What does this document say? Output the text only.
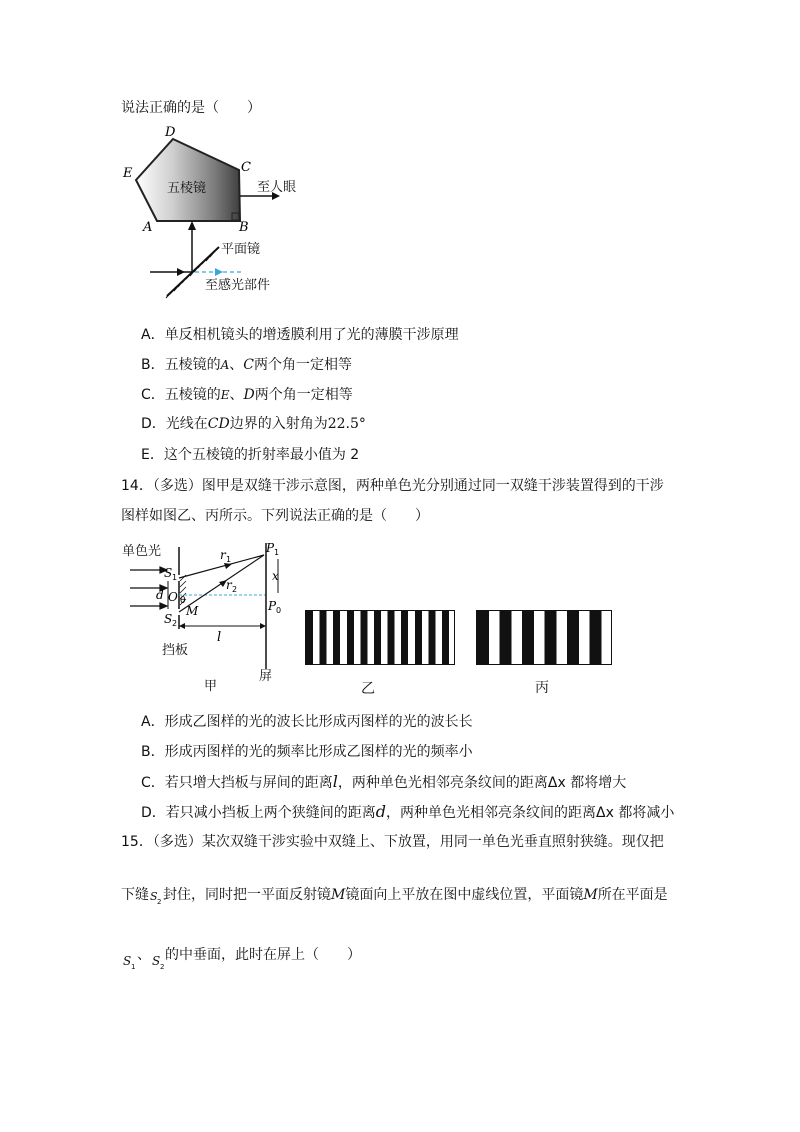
说法正确的是（　　）
D
E	C
A	B
五棱镜	至人眼
平面镜
至感光部件
A．单反相机镜头的增透膜利用了光的薄膜干涉原理
B．五棱镜的A、C两个角一定相等
C．五棱镜的E、D两个角一定相等
D．光线在CD边界的入射角为22.5°
E．这个五棱镜的折射率最小值为 2
14．（多选）图甲是双缝干涉示意图，两种单色光分别通过同一双缝干涉装置得到的干涉
图样如图乙、丙所示。下列说法正确的是（　　）
单色光
S 1
S 2
d O θ
M
r 1
r 2
P 1
P 0
x
l
挡板
屏
甲	乙	丙
A．形成乙图样的光的波长比形成丙图样的光的波长长
B．形成丙图样的光的频率比形成乙图样的光的频率小
C．若只增大挡板与屏间的距离l，两种单色光相邻亮条纹间的距离Δx 都将增大
D．若只减小挡板上两个狭缝间的距离d，两种单色光相邻亮条纹间的距离Δx 都将减小
15．（多选）某次双缝干涉实验中双缝上、下放置，用同一单色光垂直照射狭缝。现仅把
下缝 S 2 封住，同时把一平面反射镜M镜面向上平放在图中虚线位置，平面镜M所在平面是
S 1
、 S 2
的中垂面，此时在屏上（　　）
